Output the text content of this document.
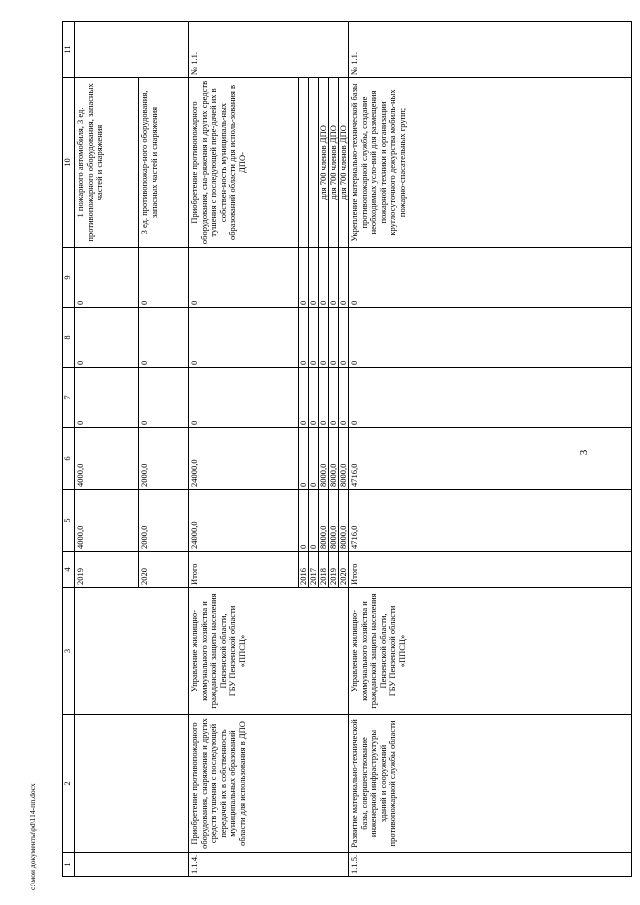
3
c:\мои документы\pd\114-пп.docx	1	2	3	4	5	6	7	8	9	10	11
			2019	4000,0	4000,0	0	0	0	1 пожарного автомобиля, 3 ед. противопожарного оборудования, запасных частей и снаряжения	
			2020	2000,0	2000,0	0	0	0	3 ед. противопожар-ного оборудования, запасных частей и снаряжения	
1.1.4.	Приобретение противопожарного оборудования, снаряжения и других средств тушения с последующей передачей их в собственность муниципальных образований области для использования в ДПО	Управление жилищно-коммунального хозяйства и гражданской защиты населения Пензенской области,
ГБУ Пензенской области «ППСЦ»	Итого	24000,0	24000,0	0	0	0	Приобретение противопожарного оборудования, сна-ряжения и других средств тушения с последующей пере-дачей их в собствен-ность муниципаль-ных образований области для исполь-зования в ДПО-	№ 1.1.
			2016	0	0	0	0	0		
			2017	0	0	0	0	0		
			2018	8000,0	8000,0	0	0	0	для 700 членов ДПО	
			2019	8000,0	8000,0	0	0	0	для 700 членов ДПО	
			2020	8000,0	8000,0	0	0	0	для 700 членов ДПО	
1.1.5.	Развитие материально-технической базы, совершенствование инженерной инфраструктуры зданий и сооружений противопожарной службы области	Управление жилищно-коммунального хозяйства и гражданской защиты населения Пензенской области,
ГБУ Пензенской области «ППСЦ»	Итого	4716,0	4716,0	0	0	0	Укрепление материально-технической базы противопожарной службы, создание необходимых усло-вий для размещения пожарной техники и организации круглосуточного дежурства мобиль-ных пожарно-спасательных групп;	№ 1.1.
